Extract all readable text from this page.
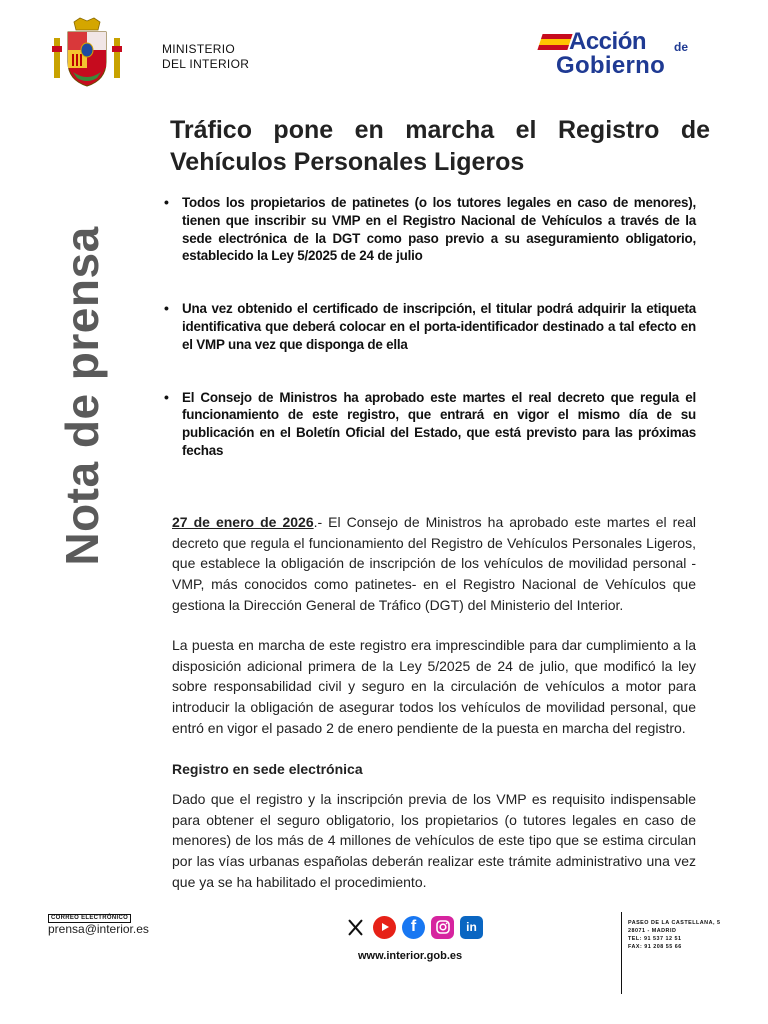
MINISTERIO
DEL INTERIOR
Acción de
Gobierno
Nota de prensa
Tráfico pone en marcha el Registro de Vehículos Personales Ligeros
• Todos los propietarios de patinetes (o los tutores legales en caso de menores), tienen que inscribir su VMP en el Registro Nacional de Vehículos a través de la sede electrónica de la DGT como paso previo a su aseguramiento obligatorio, establecido la Ley 5/2025 de 24 de julio
• Una vez obtenido el certificado de inscripción, el titular podrá adquirir la etiqueta identificativa que deberá colocar en el porta-identificador destinado a tal efecto en el VMP una vez que disponga de ella
• El Consejo de Ministros ha aprobado este martes el real decreto que regula el funcionamiento de este registro, que entrará en vigor el mismo día de su publicación en el Boletín Oficial del Estado, que está previsto para las próximas fechas
27 de enero de 2026.- El Consejo de Ministros ha aprobado este martes el real decreto que regula el funcionamiento del Registro de Vehículos Personales Ligeros, que establece la obligación de inscripción de los vehículos de movilidad personal -VMP, más conocidos como patinetes- en el Registro Nacional de Vehículos que gestiona la Dirección General de Tráfico (DGT) del Ministerio del Interior.
La puesta en marcha de este registro era imprescindible para dar cumplimiento a la disposición adicional primera de la Ley 5/2025 de 24 de julio, que modificó la ley sobre responsabilidad civil y seguro en la circulación de vehículos a motor para introducir la obligación de asegurar todos los vehículos de movilidad personal, que entró en vigor el pasado 2 de enero pendiente de la puesta en marcha del registro.
Registro en sede electrónica
Dado que el registro y la inscripción previa de los VMP es requisito indispensable para obtener el seguro obligatorio, los propietarios (o tutores legales en caso de menores) de los más de 4 millones de vehículos de este tipo que se estima circulan por las vías urbanas españolas deberán realizar este trámite administrativo una vez que ya se ha habilitado el procedimiento.
CORREO ELECTRÓNICO
prensa@interior.es	f	in
www.interior.gob.es
PASEO DE LA CASTELLANA, 5
28071 - MADRID
TEL: 91 537 12 51
FAX: 91 208 55 66
